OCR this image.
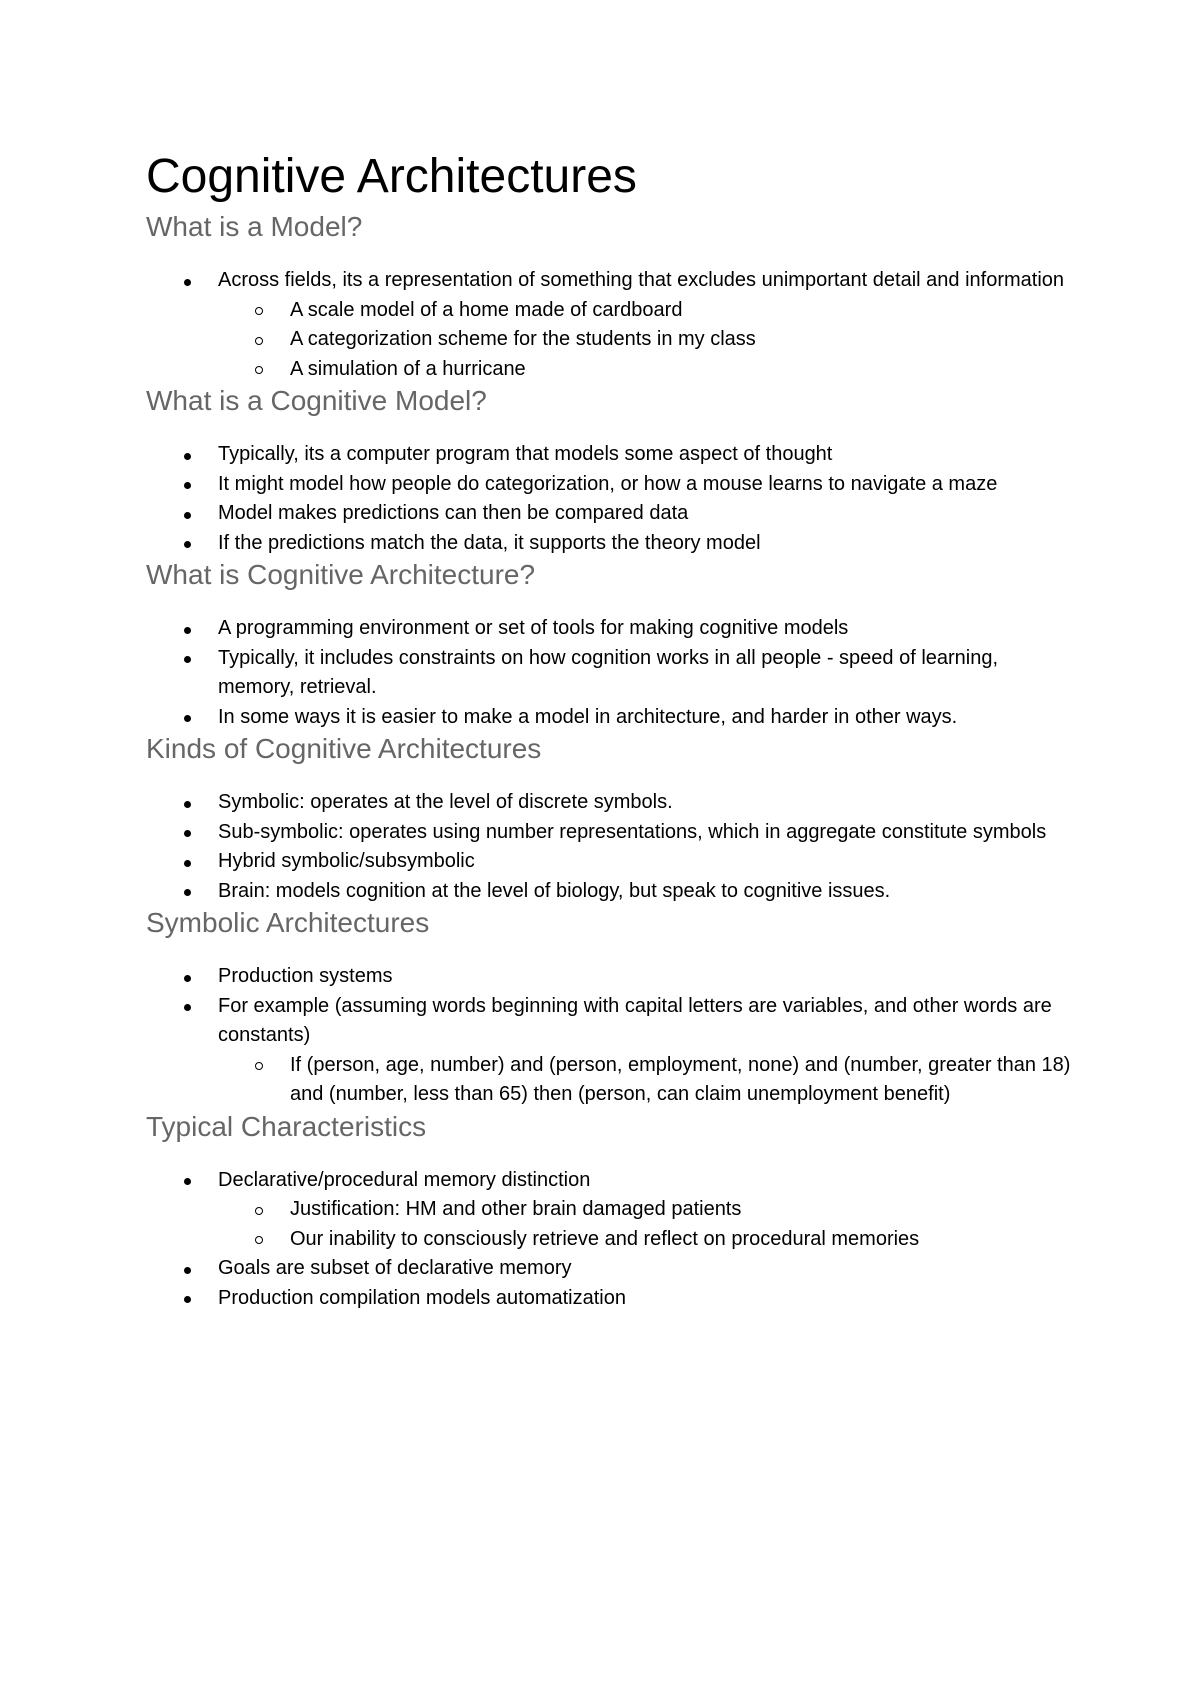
Cognitive Architectures
What is a Model?
Across fields, its a representation of something that excludes unimportant detail and information
A scale model of a home made of cardboard
A categorization scheme for the students in my class
A simulation of a hurricane
What is a Cognitive Model?
Typically, its a computer program that models some aspect of thought
It might model how people do categorization, or how a mouse learns to navigate a maze
Model makes predictions can then be compared data
If the predictions match the data, it supports the theory model
What is Cognitive Architecture?
A programming environment or set of tools for making cognitive models
Typically, it includes constraints on how cognition works in all people - speed of learning, memory, retrieval.
In some ways it is easier to make a model in architecture, and harder in other ways.
Kinds of Cognitive Architectures
Symbolic: operates at the level of discrete symbols.
Sub-symbolic: operates using number representations, which in aggregate constitute symbols
Hybrid symbolic/subsymbolic
Brain: models cognition at the level of biology, but speak to cognitive issues.
Symbolic Architectures
Production systems
For example (assuming words beginning with capital letters are variables, and other words are constants)
If (person, age, number) and (person, employment, none) and (number, greater than 18) and (number, less than 65) then (person, can claim unemployment benefit)
Typical Characteristics
Declarative/procedural memory distinction
Justification: HM and other brain damaged patients
Our inability to consciously retrieve and reflect on procedural memories
Goals are subset of declarative memory
Production compilation models automatization
